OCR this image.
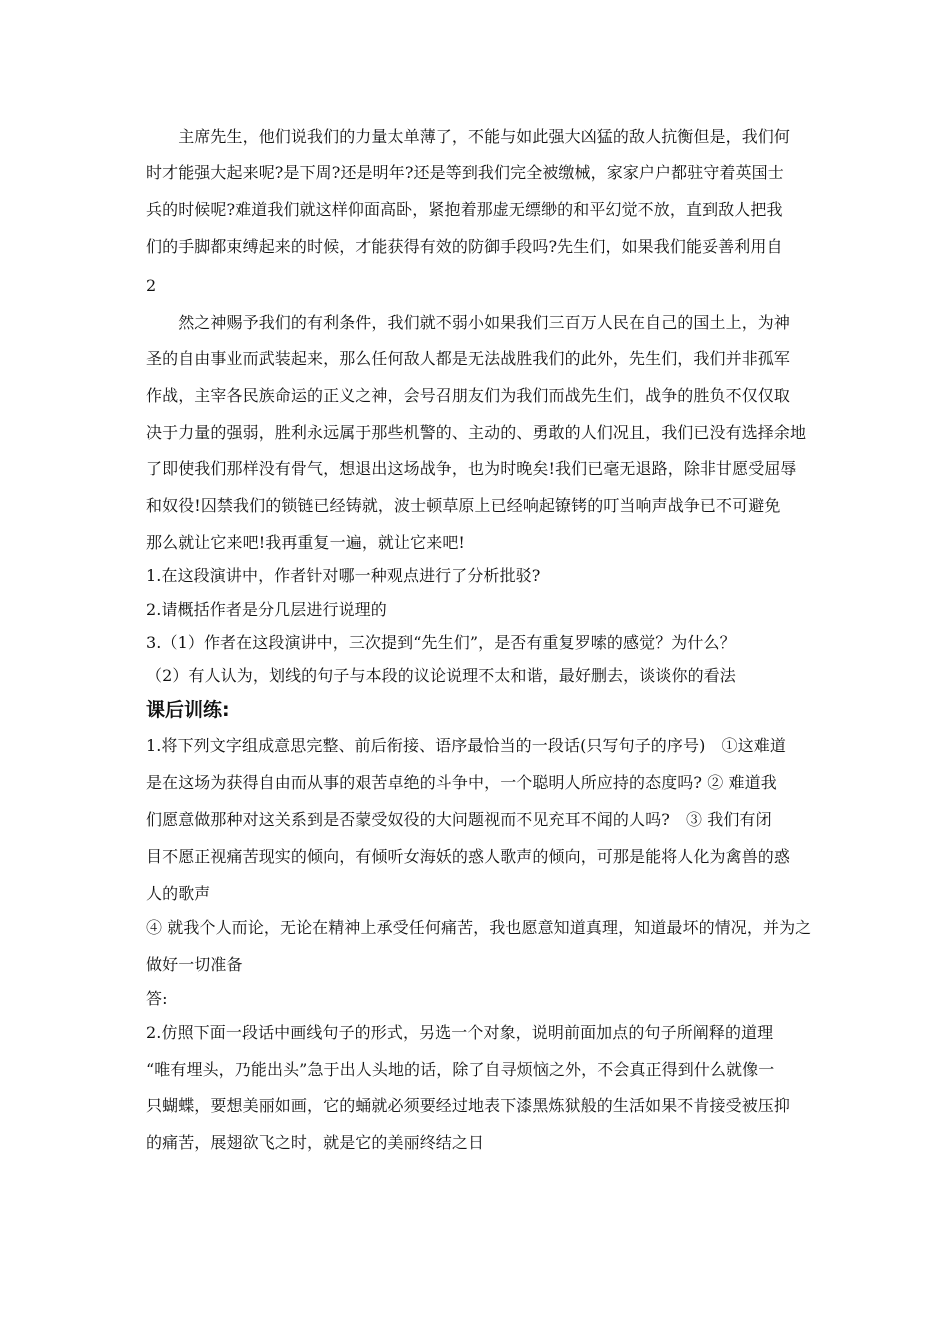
　　主席先生，他们说我们的力量太单薄了，不能与如此强大凶猛的敌人抗衡但是，我们何
时才能强大起来呢?是下周?还是明年?还是等到我们完全被缴械，家家户户都驻守着英国士
兵的时候呢?难道我们就这样仰面高卧，紧抱着那虚无缥缈的和平幻觉不放，直到敌人把我
们的手脚都束缚起来的时候，才能获得有效的防御手段吗?先生们，如果我们能妥善利用自
2
　　然之神赐予我们的有利条件，我们就不弱小如果我们三百万人民在自己的国土上，为神
圣的自由事业而武装起来，那么任何敌人都是无法战胜我们的此外，先生们，我们并非孤军
作战，主宰各民族命运的正义之神，会号召朋友们为我们而战先生们，战争的胜负不仅仅取
决于力量的强弱，胜利永远属于那些机警的、主动的、勇敢的人们况且，我们已没有选择余地
了即使我们那样没有骨气，想退出这场战争，也为时晚矣!我们已毫无退路，除非甘愿受屈辱
和奴役!囚禁我们的锁链已经铸就，波士顿草原上已经响起镣铐的叮当响声战争已不可避免
那么就让它来吧!我再重复一遍，就让它来吧!
1.在这段演讲中，作者针对哪一种观点进行了分析批驳?
2.请概括作者是分几层进行说理的
3.（1）作者在这段演讲中，三次提到“先生们”，是否有重复罗嗦的感觉？为什么？
（2）有人认为，划线的句子与本段的议论说理不太和谐，最好删去，谈谈你的看法
课后训练:
1.将下列文字组成意思完整、前后衔接、语序最恰当的一段话(只写句子的序号)　①这难道
是在这场为获得自由而从事的艰苦卓绝的斗争中，一个聪明人所应持的态度吗? ② 难道我
们愿意做那种对这关系到是否蒙受奴役的大问题视而不见充耳不闻的人吗?　③ 我们有闭
目不愿正视痛苦现实的倾向，有倾听女海妖的惑人歌声的倾向，可那是能将人化为禽兽的惑
人的歌声
④ 就我个人而论，无论在精神上承受任何痛苦，我也愿意知道真理，知道最坏的情况，并为之
做好一切准备
答:
2.仿照下面一段话中画线句子的形式，另选一个对象，说明前面加点的句子所阐释的道理
“唯有埋头，乃能出头”急于出人头地的话，除了自寻烦恼之外，不会真正得到什么就像一
只蝴蝶，要想美丽如画，它的蛹就必须要经过地表下漆黑炼狱般的生活如果不肯接受被压抑
的痛苦，展翅欲飞之时，就是它的美丽终结之日
